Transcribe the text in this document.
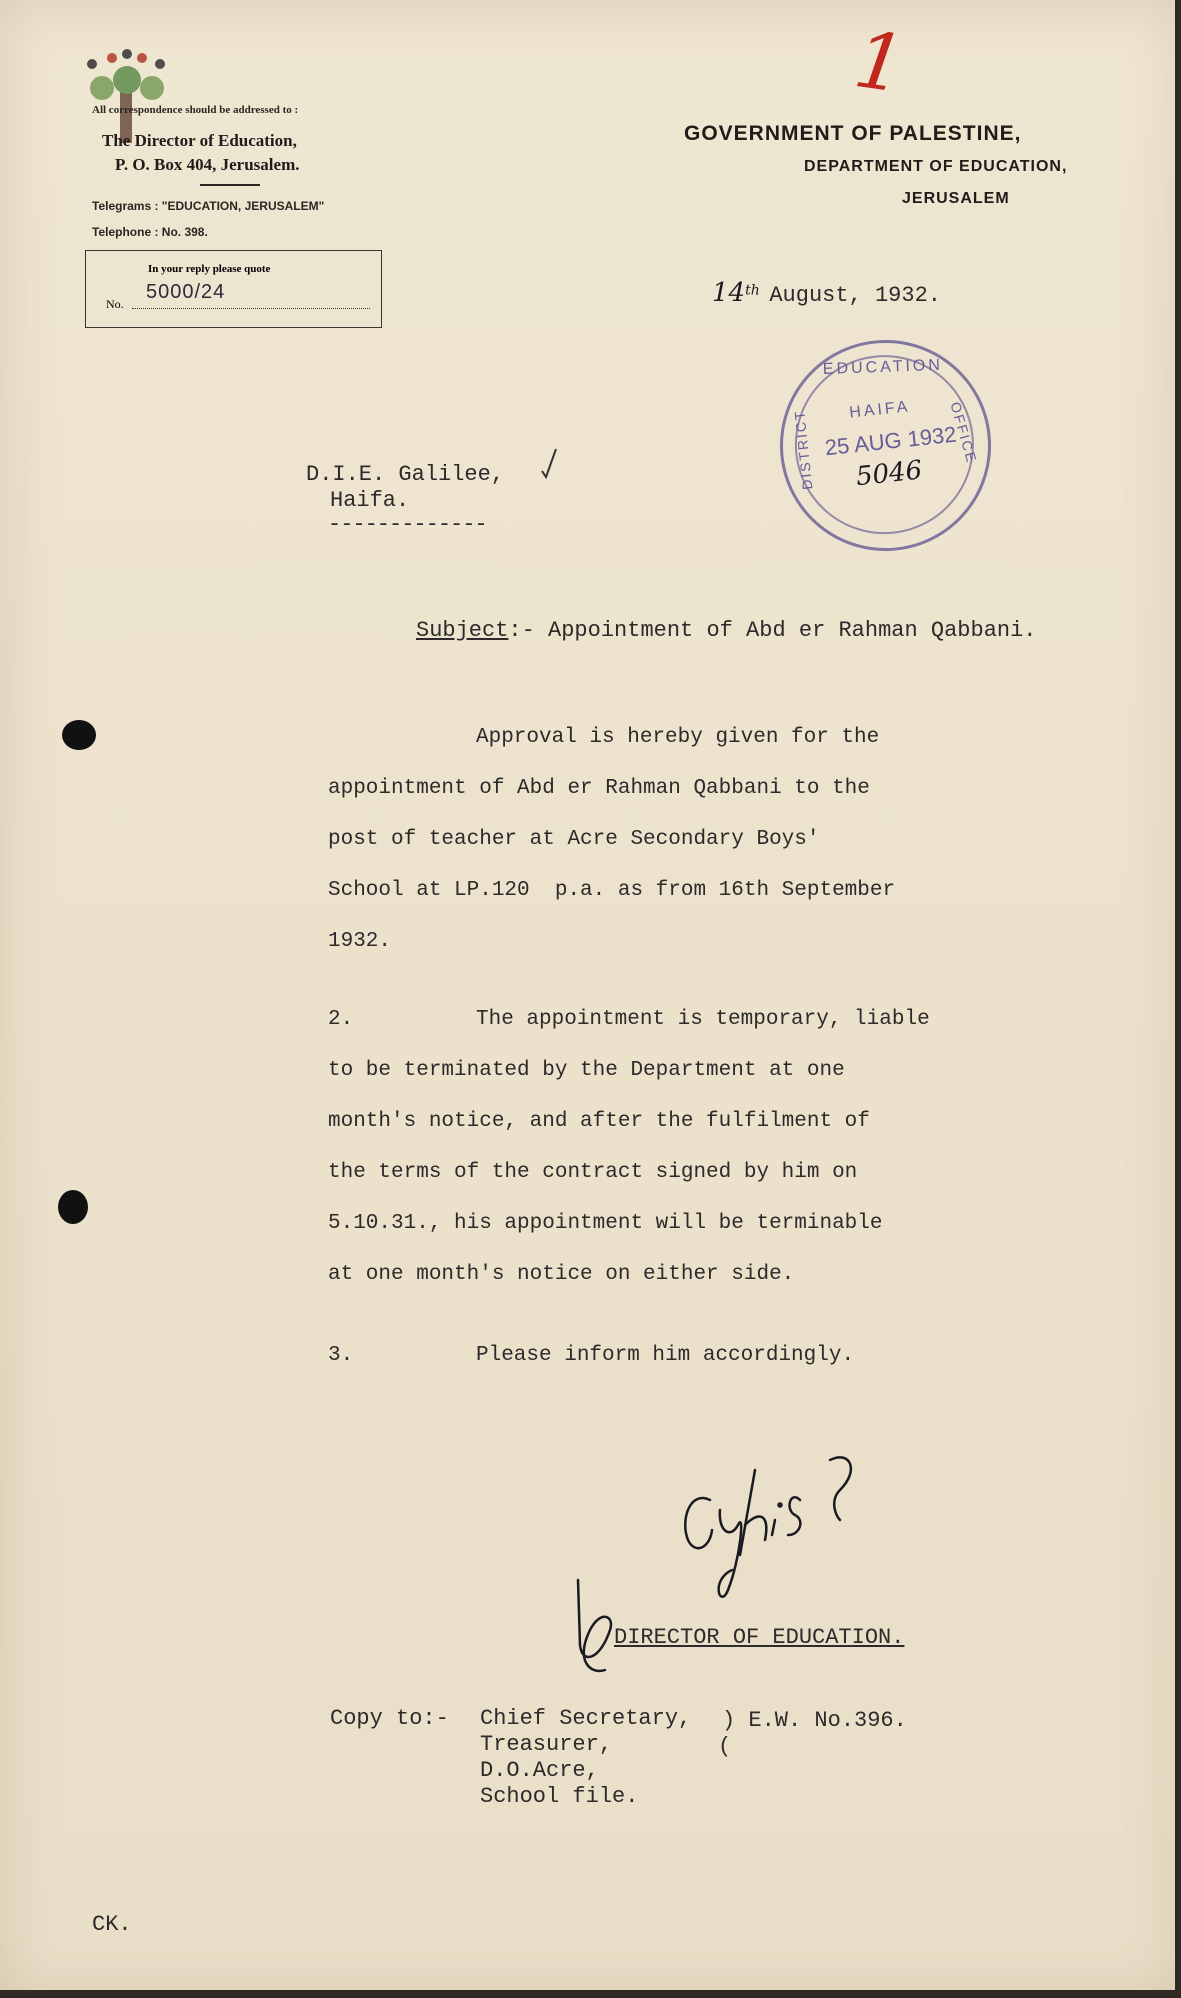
1
All correspondence should be addressed to :
The Director of Education,
P. O. Box 404, Jerusalem.
Telegrams : "EDUCATION, JERUSALEM"
Telephone : No. 398.
In your reply please quote
No.
5000/24
GOVERNMENT OF PALESTINE,
DEPARTMENT OF EDUCATION,
JERUSALEM
14th August, 1932.
EDUCATION
DISTRICT	OFFICE
HAIFA
25 AUG 1932
5046
D.I.E. Galilee,
Haifa.
-------------
Subject:- Appointment of Abd er Rahman Qabbani.
Approval is hereby given for the
appointment of Abd er Rahman Qabbani to the
post of teacher at Acre Secondary Boys'
School at LP.120  p.a. as from 16th September
1932.
2.	The appointment is temporary, liable
to be terminated by the Department at one
month's notice, and after the fulfilment of
the terms of the contract signed by him on
5.10.31., his appointment will be terminable
at one month's notice on either side.
3.	Please inform him accordingly.
DIRECTOR OF EDUCATION.
Copy to:- Chief Secretary,
Treasurer,
D.O.Acre,
School file.
) E.W. No.396.
(
CK.
